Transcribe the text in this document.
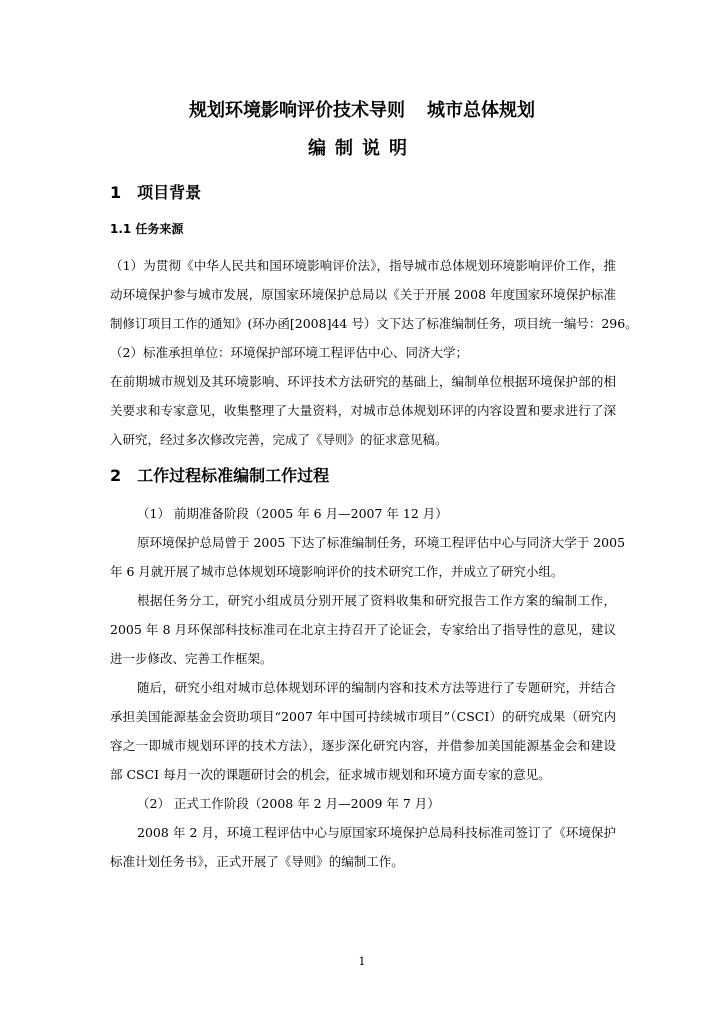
规划环境影响评价技术导则 城市总体规划
编制说明
1 项目背景
1.1 任务来源
（1）为贯彻《中华人民共和国环境影响评价法》，指导城市总体规划环境影响评价工作，推
动环境保护参与城市发展，原国家环境保护总局以《关于开展 2008 年度国家环境保护标准
制修订项目工作的通知》(环办函[2008]44 号）文下达了标准编制任务，项目统一编号：296。
（2）标准承担单位：环境保护部环境工程评估中心、同济大学；
在前期城市规划及其环境影响、环评技术方法研究的基础上，编制单位根据环境保护部的相
关要求和专家意见，收集整理了大量资料，对城市总体规划环评的内容设置和要求进行了深
入研究，经过多次修改完善，完成了《导则》的征求意见稿。
2 工作过程标准编制工作过程
（1） 前期准备阶段（2005 年 6 月—2007 年 12 月）
原环境保护总局曾于 2005 下达了标准编制任务，环境工程评估中心与同济大学于 2005
年 6 月就开展了城市总体规划环境影响评价的技术研究工作，并成立了研究小组。
根据任务分工，研究小组成员分别开展了资料收集和研究报告工作方案的编制工作，
2005 年 8 月环保部科技标准司在北京主持召开了论证会，专家给出了指导性的意见，建议
进一步修改、完善工作框架。
随后，研究小组对城市总体规划环评的编制内容和技术方法等进行了专题研究，并结合
承担美国能源基金会资助项目“2007 年中国可持续城市项目”（CSCI）的研究成果（研究内
容之一即城市规划环评的技术方法），逐步深化研究内容，并借参加美国能源基金会和建设
部 CSCI 每月一次的课题研讨会的机会，征求城市规划和环境方面专家的意见。
（2） 正式工作阶段（2008 年 2 月—2009 年 7 月）
2008 年 2 月，环境工程评估中心与原国家环境保护总局科技标准司签订了《环境保护
标准计划任务书》，正式开展了《导则》的编制工作。
1
